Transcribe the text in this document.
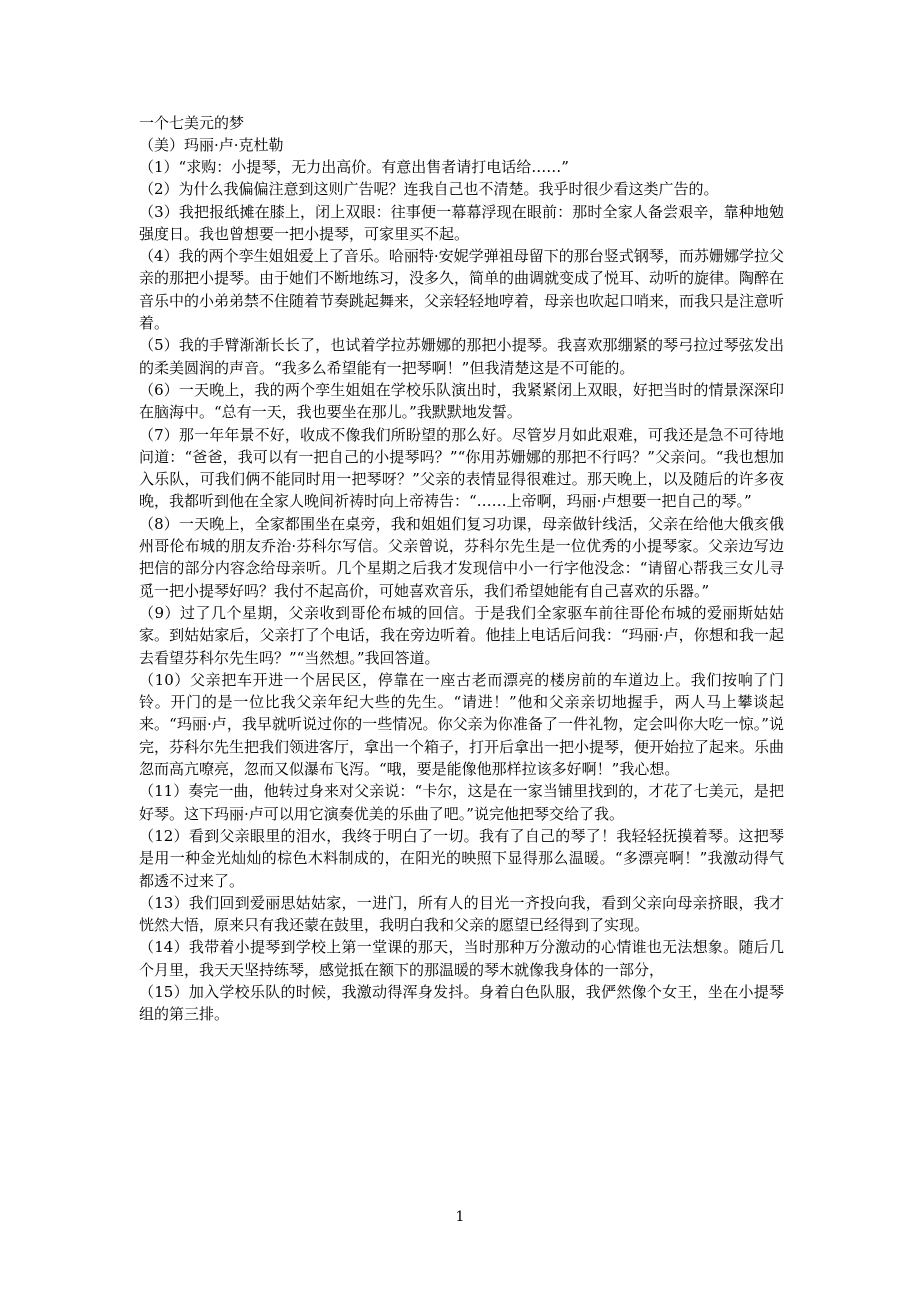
一个七美元的梦

（美）玛丽·卢·克杜勒

（1）“求购：小提琴，无力出高价。有意出售者请打电话给……”

（2）为什么我偏偏注意到这则广告呢？连我自己也不清楚。我乎时很少看这类广告的。

（3）我把报纸摊在膝上，闭上双眼：往事便一幕幕浮现在眼前：那时全家人备尝艰辛，靠种地勉强度日。我也曾想要一把小提琴，可家里买不起。

（4）我的两个孪生姐姐爱上了音乐。哈丽特·安妮学弹祖母留下的那台竖式钢琴，而苏姗娜学拉父亲的那把小提琴。由于她们不断地练习，没多久，简单的曲调就变成了悦耳、动听的旋律。陶醉在音乐中的小弟弟禁不住随着节奏跳起舞来，父亲轻轻地哼着，母亲也吹起口哨来，而我只是注意听着。

（5）我的手臂渐渐长长了，也试着学拉苏姗娜的那把小提琴。我喜欢那绷紧的琴弓拉过琴弦发出的柔美圆润的声音。“我多么希望能有一把琴啊！”但我清楚这是不可能的。

（6）一天晚上，我的两个孪生姐姐在学校乐队演出时，我紧紧闭上双眼，好把当时的情景深深印在脑海中。“总有一天，我也要坐在那儿。”我默默地发誓。

（7）那一年年景不好，收成不像我们所盼望的那么好。尽管岁月如此艰难，可我还是急不可待地问道：“爸爸，我可以有一把自己的小提琴吗？”“你用苏姗娜的那把不行吗？”父亲问。“我也想加入乐队，可我们俩不能同时用一把琴呀？”父亲的表情显得很难过。那天晚上，以及随后的许多夜晚，我都听到他在全家人晚间祈祷时向上帝祷告：“……上帝啊，玛丽·卢想要一把自己的琴。”

（8）一天晚上，全家都围坐在桌旁，我和姐姐们复习功课，母亲做针线活，父亲在给他大俄亥俄州哥伦布城的朋友乔治·芬科尔写信。父亲曾说，芬科尔先生是一位优秀的小提琴家。父亲边写边把信的部分内容念给母亲听。几个星期之后我才发现信中小一行字他没念：“请留心帮我三女儿寻觅一把小提琴好吗？我付不起高价，可她喜欢音乐，我们希望她能有自己喜欢的乐器。”

（9）过了几个星期，父亲收到哥伦布城的回信。于是我们全家驱车前往哥伦布城的爱丽斯姑姑家。到姑姑家后，父亲打了个电话，我在旁边听着。他挂上电话后问我：“玛丽·卢，你想和我一起去看望芬科尔先生吗？”“当然想。”我回答道。

（10）父亲把车开进一个居民区，停靠在一座古老而漂亮的楼房前的车道边上。我们按响了门铃。开门的是一位比我父亲年纪大些的先生。“请进！”他和父亲亲切地握手，两人马上攀谈起来。“玛丽·卢，我早就听说过你的一些情况。你父亲为你准备了一件礼物，定会叫你大吃一惊。”说完，芬科尔先生把我们领进客厅，拿出一个箱子，打开后拿出一把小提琴，便开始拉了起来。乐曲忽而高亢嘹亮，忽而又似瀑布飞泻。“哦，要是能像他那样拉该多好啊！”我心想。

（11）奏完一曲，他转过身来对父亲说：“卡尔，这是在一家当铺里找到的，才花了七美元，是把好琴。这下玛丽·卢可以用它演奏优美的乐曲了吧。”说完他把琴交给了我。

（12）看到父亲眼里的泪水，我终于明白了一切。我有了自己的琴了！我轻轻抚摸着琴。这把琴是用一种金光灿灿的棕色木料制成的，在阳光的映照下显得那么温暖。“多漂亮啊！”我激动得气都透不过来了。

（13）我们回到爱丽思姑姑家，一进门，所有人的目光一齐投向我，看到父亲向母亲挤眼，我才恍然大悟，原来只有我还蒙在鼓里，我明白我和父亲的愿望已经得到了实现。

（14）我带着小提琴到学校上第一堂课的那天，当时那种万分激动的心情谁也无法想象。随后几个月里，我天天坚持练琴，感觉抵在额下的那温暖的琴木就像我身体的一部分，

（15）加入学校乐队的时候，我激动得浑身发抖。身着白色队服，我俨然像个女王，坐在小提琴组的第三排。

1
